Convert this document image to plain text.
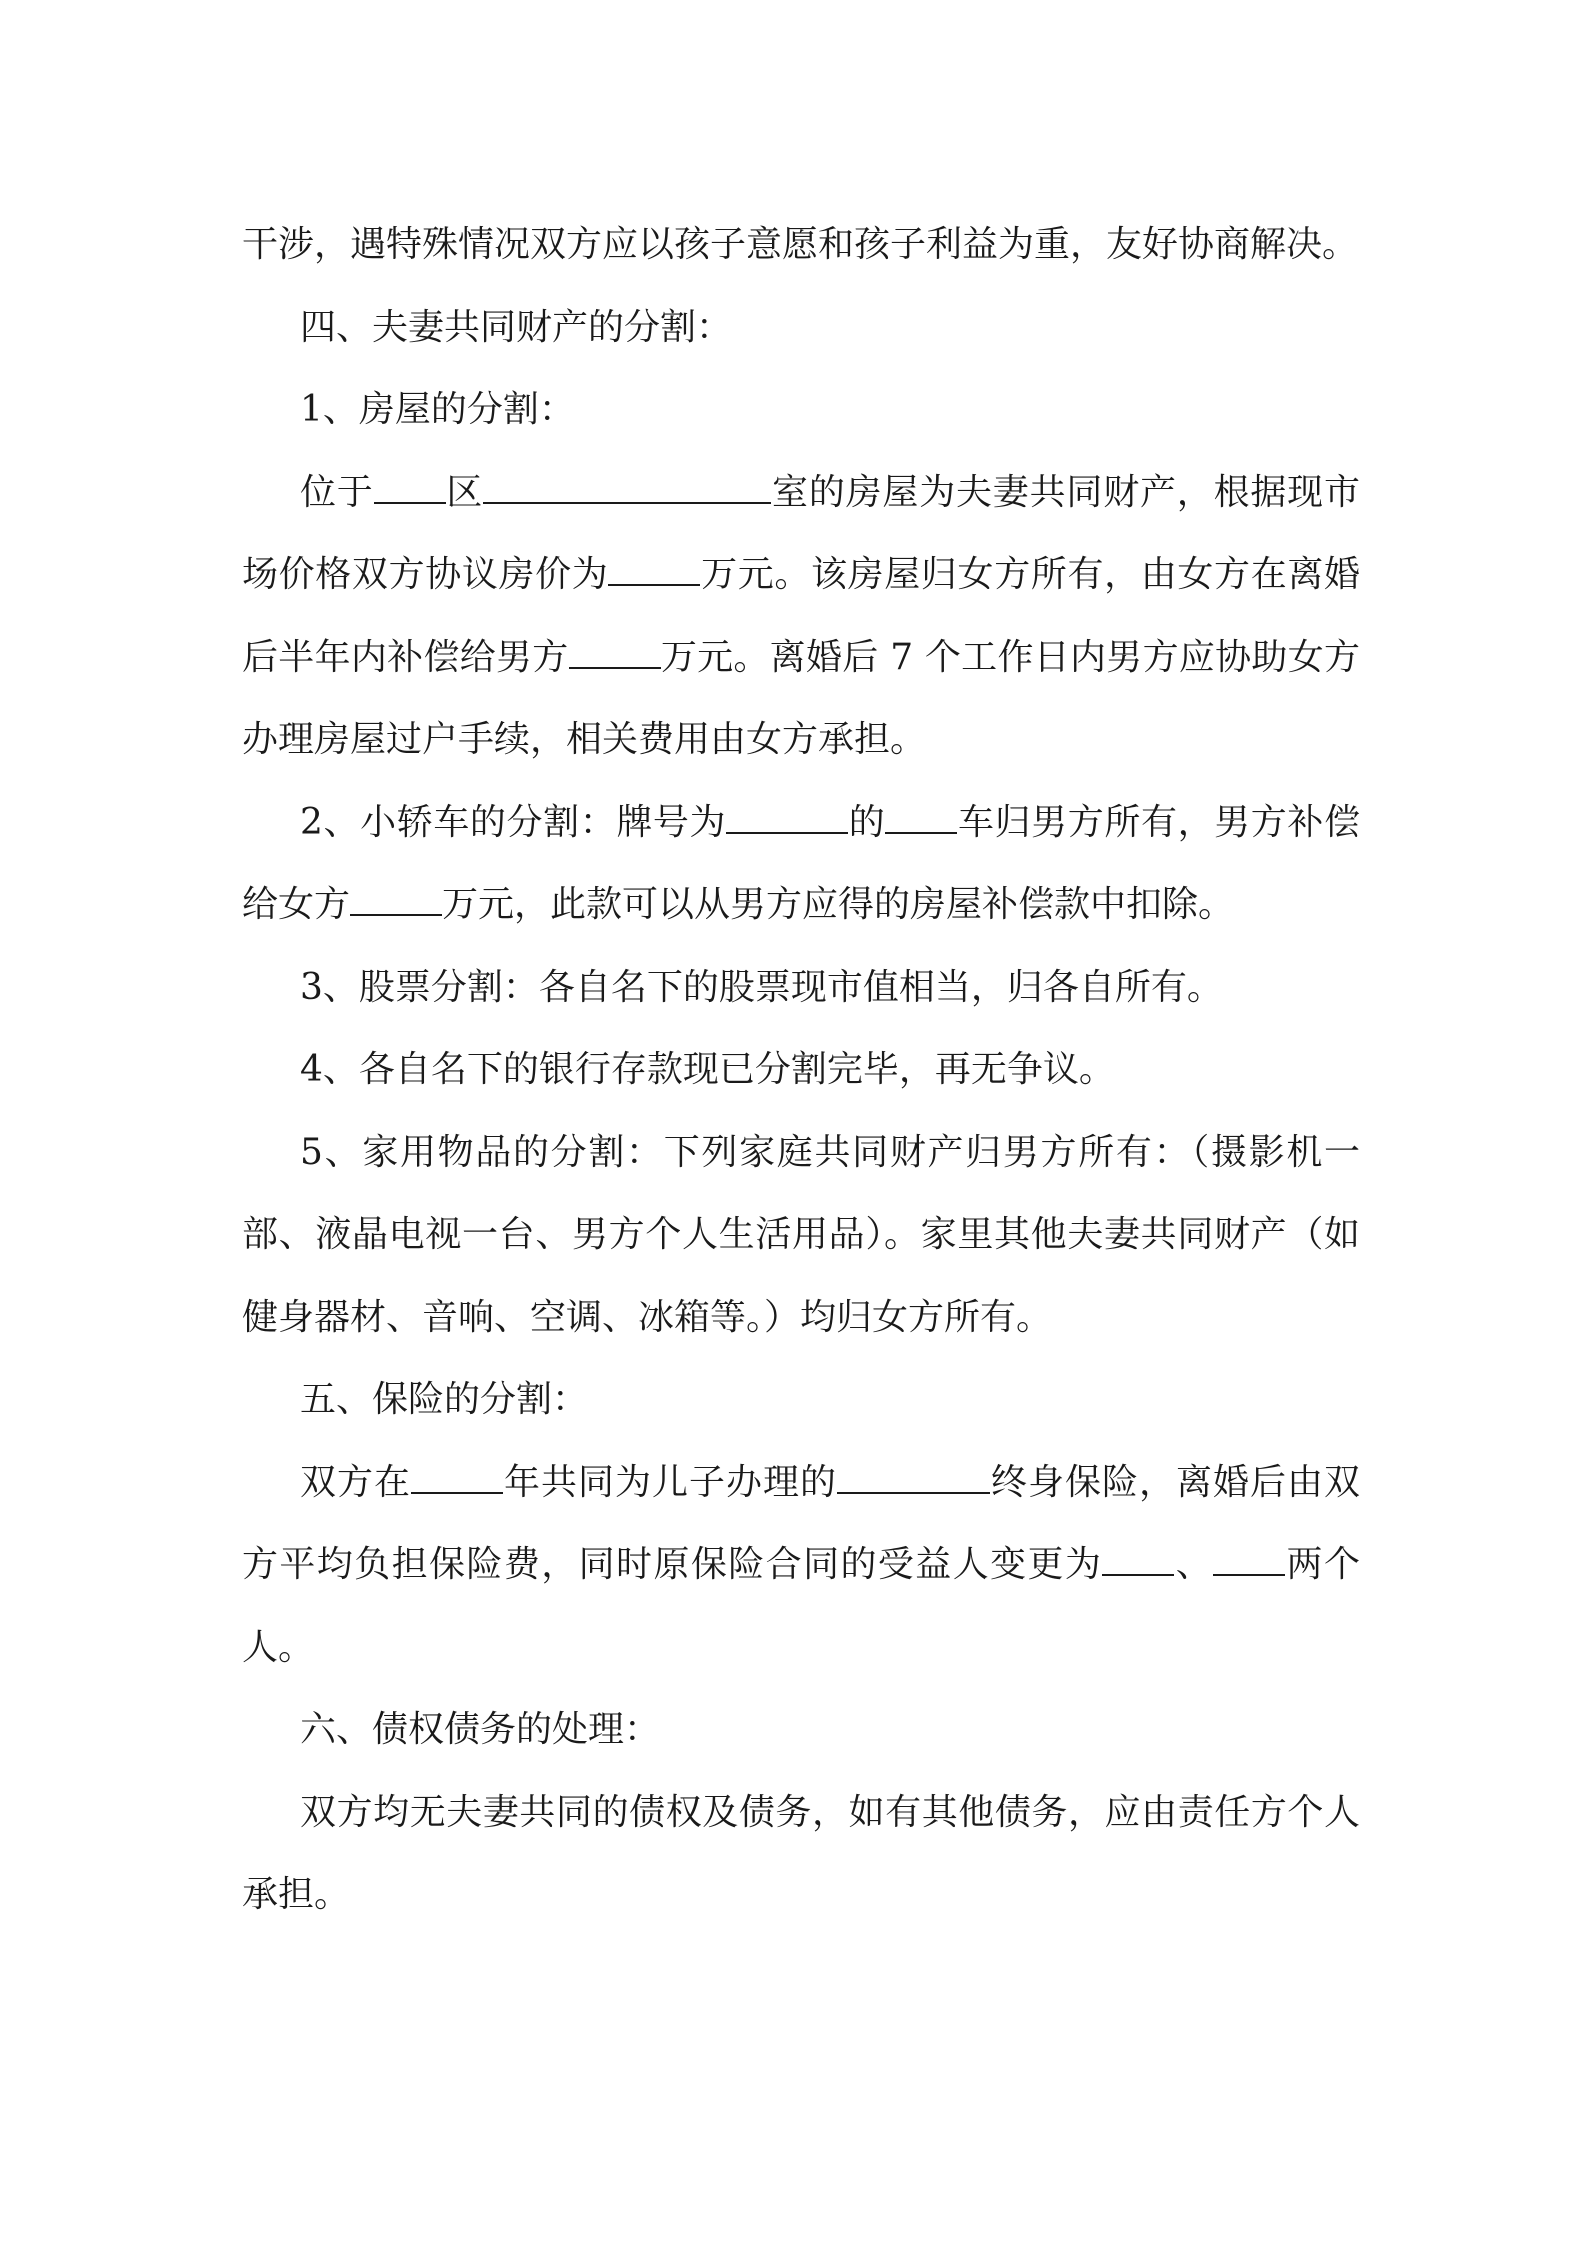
干涉，遇特殊情况双方应以孩子意愿和孩子利益为重，友好协商解决。

四、夫妻共同财产的分割：

1、房屋的分割：

位于 区	室的房屋为夫妻共同财产，根据现市场价格双方协议房价为	万元。该房屋归女方所有，由女方在离婚后半年内补偿给男方	万元。离婚后 7 个工作日内男方应协助女方办理房屋过户手续，相关费用由女方承担。

2、小轿车的分割：牌号为	的 车归男方所有，男方补偿给女方	万元，此款可以从男方应得的房屋补偿款中扣除。

3、股票分割：各自名下的股票现市值相当，归各自所有。

4、各自名下的银行存款现已分割完毕，再无争议。

5、家用物品的分割：下列家庭共同财产归男方所有：（摄影机一部、液晶电视一台、男方个人生活用品）。家里其他夫妻共同财产（如健身器材、音响、空调、冰箱等。）均归女方所有。

五、保险的分割：

双方在	年共同为儿子办理的	终身保险，离婚后由双方平均负担保险费，同时原保险合同的受益人变更为 、 两个人。

六、债权债务的处理：

双方均无夫妻共同的债权及债务，如有其他债务，应由责任方个人承担。
